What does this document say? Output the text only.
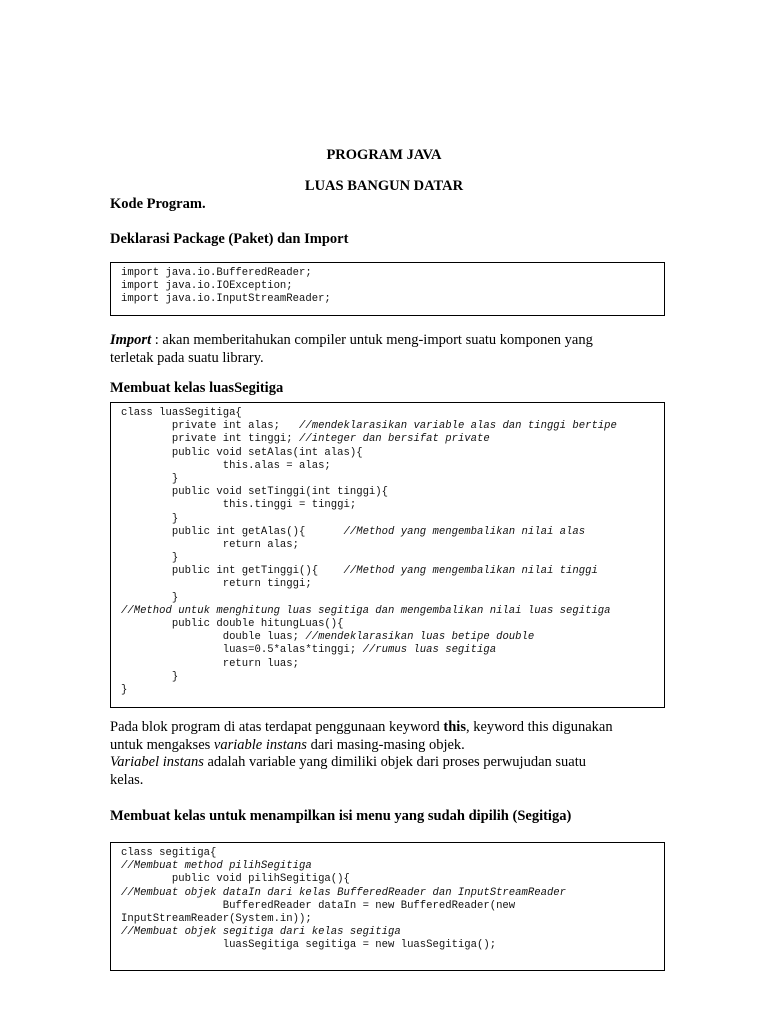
PROGRAM JAVA
LUAS BANGUN DATAR
Kode Program.
Deklarasi Package (Paket) dan Import
import java.io.BufferedReader;
import java.io.IOException;
import java.io.InputStreamReader;
Import : akan memberitahukan compiler untuk meng-import suatu komponen yang
terletak pada suatu library.
Membuat kelas luasSegitiga
class luasSegitiga{
private int alas;   //mendeklarasikan variable alas dan tinggi bertipe
private int tinggi; //integer dan bersifat private
public void setAlas(int alas){
this.alas = alas;
}
public void setTinggi(int tinggi){
this.tinggi = tinggi;
}
public int getAlas(){      //Method yang mengembalikan nilai alas
return alas;
}
public int getTinggi(){    //Method yang mengembalikan nilai tinggi
return tinggi;
}
//Method untuk menghitung luas segitiga dan mengembalikan nilai luas segitiga
public double hitungLuas(){
double luas; //mendeklarasikan luas betipe double
luas=0.5*alas*tinggi; //rumus luas segitiga
return luas;
}
}
Pada blok program di atas terdapat penggunaan keyword this, keyword this digunakan
untuk mengakses variable instans dari masing-masing objek.
Variabel instans adalah variable yang dimiliki objek dari proses perwujudan suatu
kelas.
Membuat kelas untuk menampilkan isi menu yang sudah dipilih (Segitiga)
class segitiga{
//Membuat method pilihSegitiga
public void pilihSegitiga(){
//Membuat objek dataIn dari kelas BufferedReader dan InputStreamReader
BufferedReader dataIn = new BufferedReader(new
InputStreamReader(System.in));
//Membuat objek segitiga dari kelas segitiga
luasSegitiga segitiga = new luasSegitiga();
